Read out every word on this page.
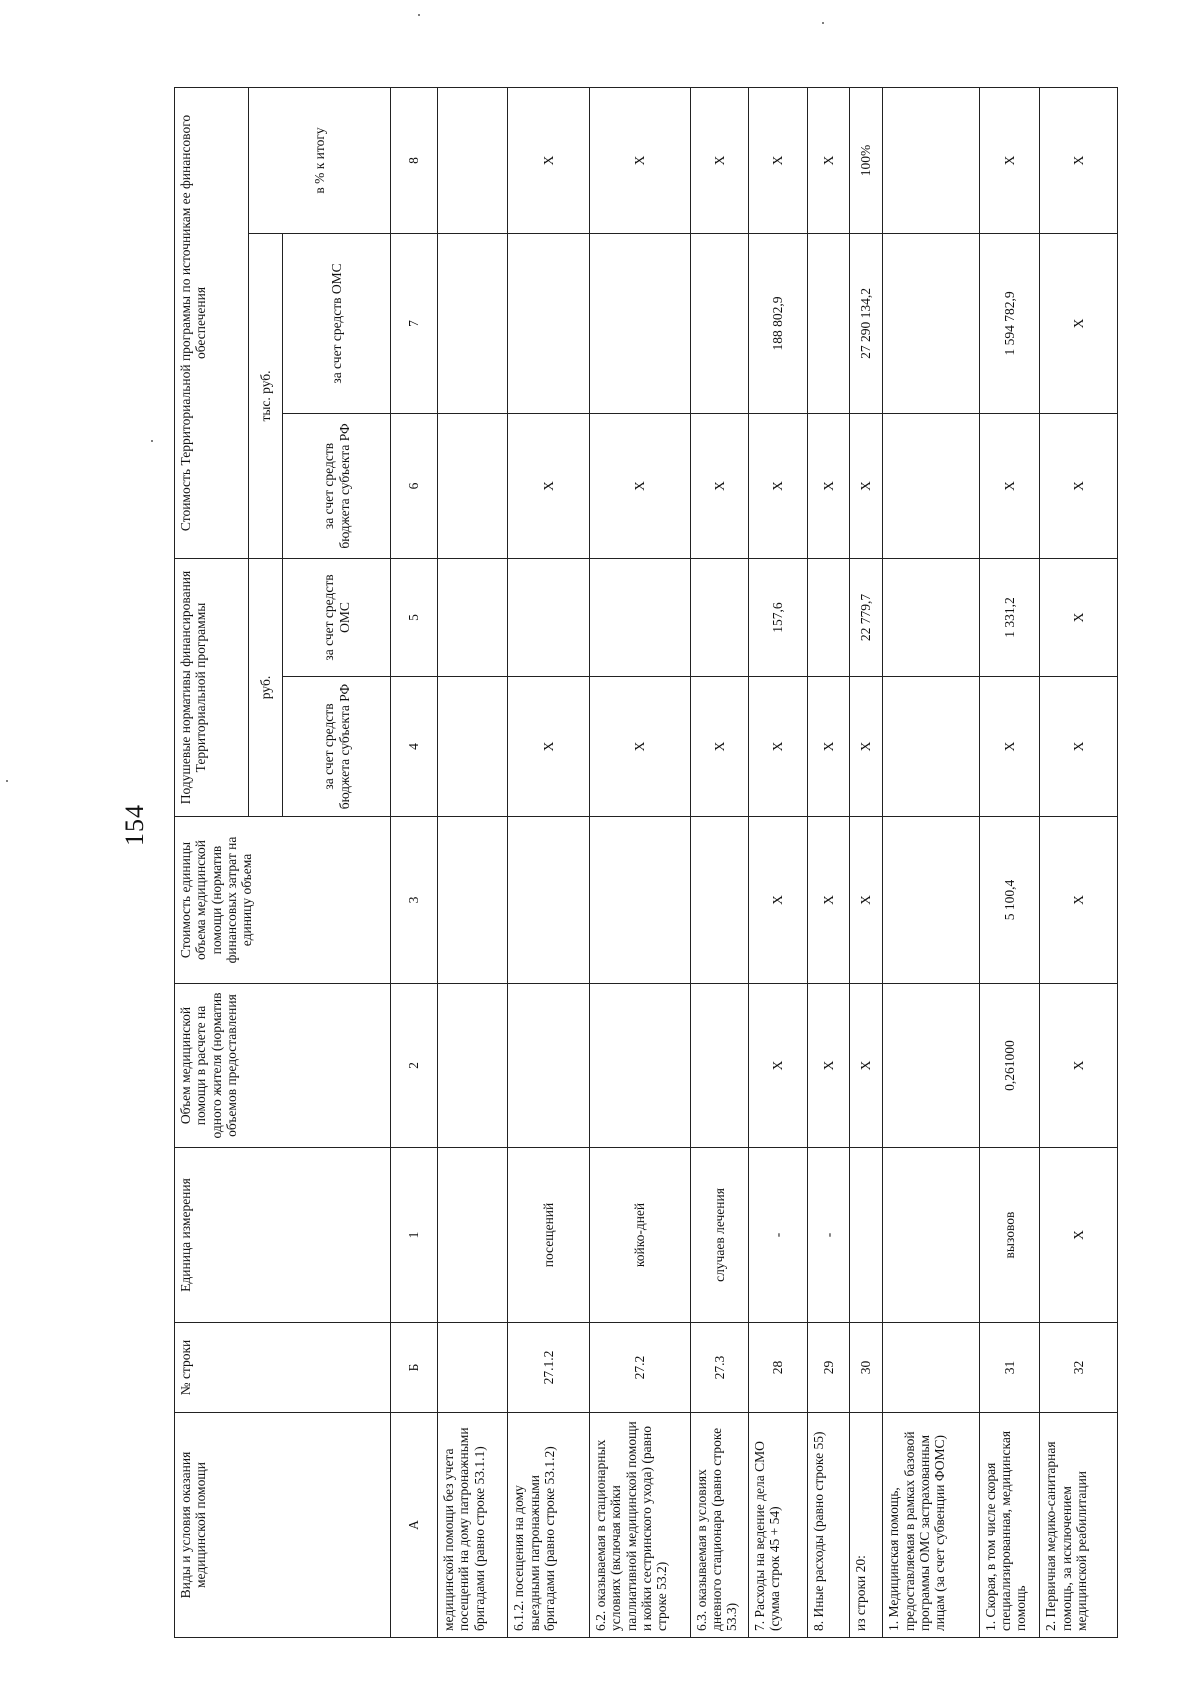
154
Виды и условия оказания медицинской помощи	№ строки	Единица измерения	Объем медицинской помощи в расчете на одного жителя (норматив объемов предоставления	Стоимость единицы объема медицинской помощи (норматив финансовых затрат на единицу объема	Подушевые нормативы финансирования Территориальной программы		Стоимость Территориальной программы по источникам ее финансового обеспечения		
					руб.		тыс. руб.		в % к итогу
					за счет средств бюджета субъекта РФ	за счет средств ОМС	за счет средств бюджета субъекта РФ	за счет средств ОМС	
А	Б	1	2	3	4	5	6	7	8
медицинской помощи без учета посещений на дому патронажными бригадами (равно строке 53.1.1)									
6.1.2. посещения на дому выездными патронажными бригадами (равно строке 53.1.2)	27.1.2	посещений			X		X		X
6.2. оказываемая в стационарных условиях (включая койки паллиативной медицинской помощи и койки сестринского ухода) (равно строке 53.2)	27.2	койко-дней			X		X		X
6.3. оказываемая в условиях дневного стационара (равно строке 53.3)	27.3	случаев лечения			X		X		X
7. Расходы на ведение дела СМО (сумма строк 45 + 54)	28	-	X	X	X	157,6	X	188 802,9	X
8. Иные расходы (равно строке 55)	29	-	X	X	X		X		X
из строки 20:	30		X	X	X	22 779,7	X	27 290 134,2	100%
1. Медицинская помощь, предоставляемая в рамках базовой программы ОМС застрахованным лицам (за счет субвенции ФОМС)									
1. Скорая, в том числе скорая специализированная, медицинская помощь	31	вызовов	0,261000	5 100,4	X	1 331,2	X	1 594 782,9	X
2. Первичная медико-санитарная помощь, за исключением медицинской реабилитации	32	X	X	X	X	X	X	X	X
